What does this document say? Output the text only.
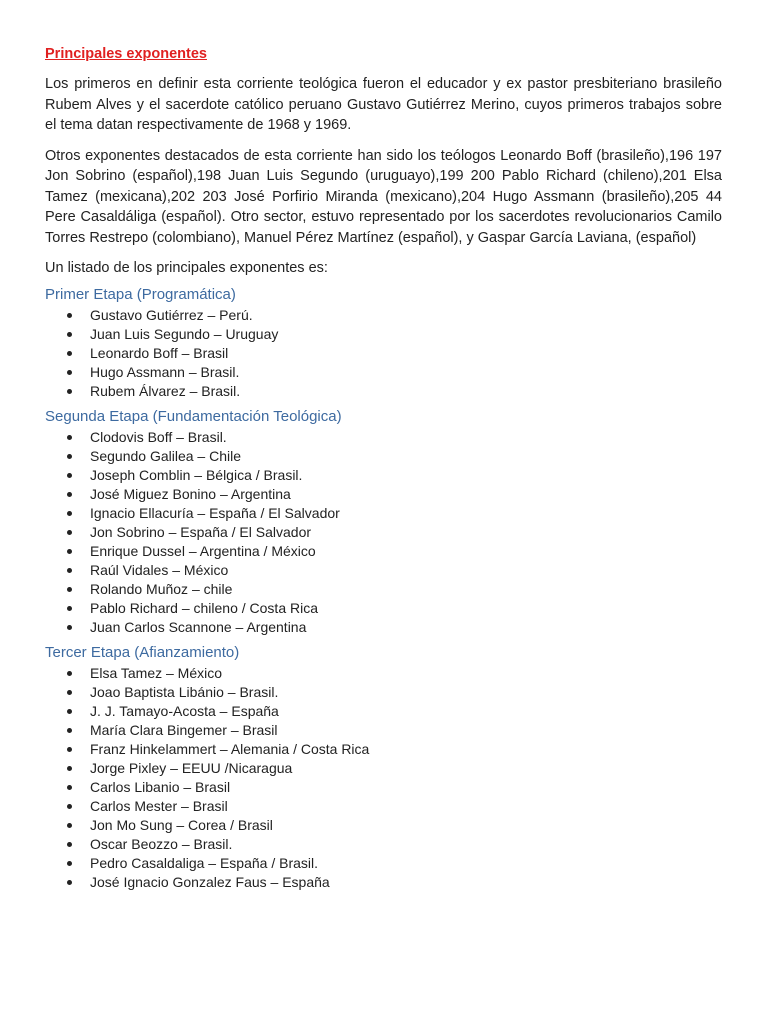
Principales exponentes

Los primeros en definir esta corriente teológica fueron el educador y ex pastor presbiteriano brasileño Rubem Alves y el sacerdote católico peruano Gustavo Gutiérrez Merino, cuyos primeros trabajos sobre el tema datan respectivamente de 1968 y 1969.

Otros exponentes destacados de esta corriente han sido los teólogos Leonardo Boff (brasileño),196 197 Jon Sobrino (español),198 Juan Luis Segundo (uruguayo),199 200 Pablo Richard (chileno),201 Elsa Tamez (mexicana),202 203 José Porfirio Miranda (mexicano),204 Hugo Assmann (brasileño),205 44 Pere Casaldáliga (español). Otro sector, estuvo representado por los sacerdotes revolucionarios Camilo Torres Restrepo (colombiano), Manuel Pérez Martínez (español), y Gaspar García Laviana, (español)

Un listado de los principales exponentes es:

Primer Etapa (Programática)
Gustavo Gutiérrez – Perú.
Juan Luis Segundo – Uruguay
Leonardo Boff – Brasil
Hugo Assmann – Brasil.
Rubem Álvarez – Brasil.
Segunda Etapa (Fundamentación Teológica)
Clodovis Boff – Brasil.
Segundo Galilea – Chile
Joseph Comblin – Bélgica / Brasil.
José Miguez Bonino – Argentina
Ignacio Ellacuría – España / El Salvador
Jon Sobrino – España / El Salvador
Enrique Dussel – Argentina / México
Raúl Vidales – México
Rolando Muñoz – chile
Pablo Richard – chileno / Costa Rica
Juan Carlos Scannone – Argentina
Tercer Etapa (Afianzamiento)
Elsa Tamez – México
Joao Baptista Libánio – Brasil.
J. J. Tamayo-Acosta – España
María Clara Bingemer – Brasil
Franz Hinkelammert – Alemania / Costa Rica
Jorge Pixley – EEUU /Nicaragua
Carlos Libanio – Brasil
Carlos Mester – Brasil
Jon Mo Sung – Corea / Brasil
Oscar Beozzo – Brasil.
Pedro Casaldaliga – España / Brasil.
José Ignacio Gonzalez Faus – España
